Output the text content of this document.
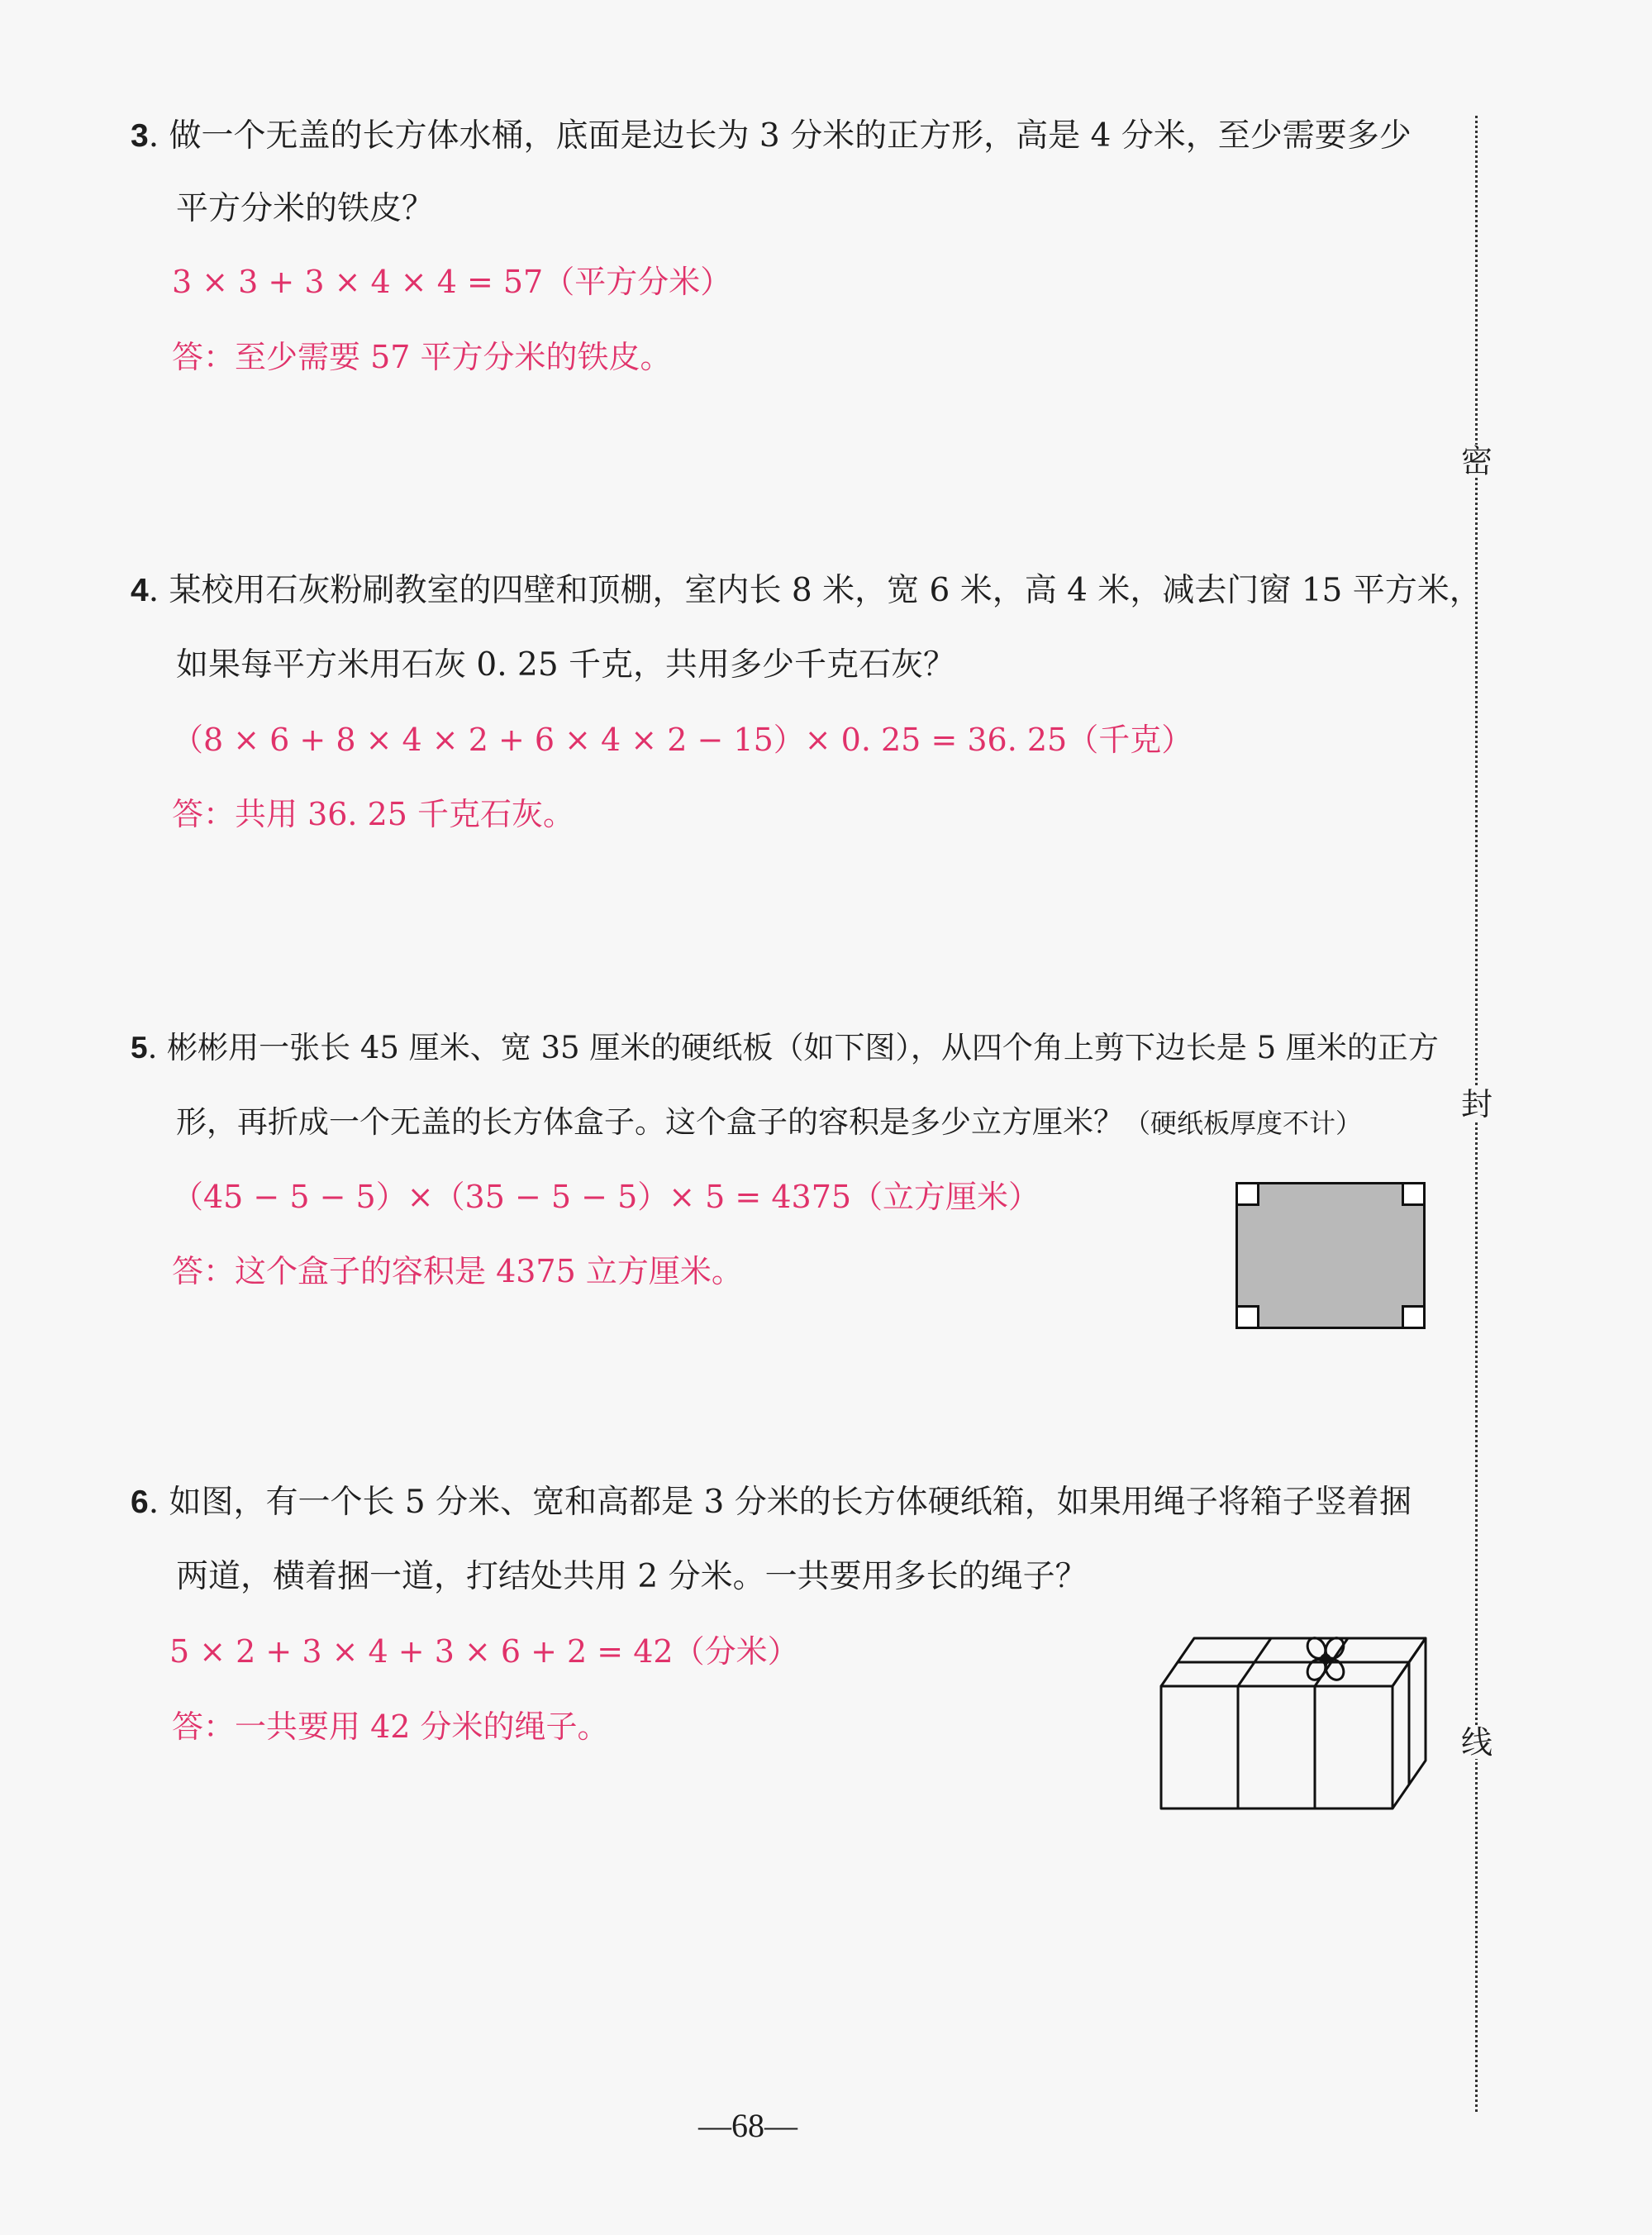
3. 做一个无盖的长方体水桶，底面是边长为 3 分米的正方形，高是 4 分米，至少需要多少
平方分米的铁皮？
3 × 3 + 3 × 4 × 4 = 57（平方分米）
答：至少需要 57 平方分米的铁皮。
4. 某校用石灰粉刷教室的四壁和顶棚，室内长 8 米，宽 6 米，高 4 米，减去门窗 15 平方米，
如果每平方米用石灰 0. 25 千克，共用多少千克石灰？
（8 × 6 + 8 × 4 × 2 + 6 × 4 × 2 − 15）× 0. 25 = 36. 25（千克）
答：共用 36. 25 千克石灰。
5. 彬彬用一张长 45 厘米、宽 35 厘米的硬纸板（如下图），从四个角上剪下边长是 5 厘米的正方
形，再折成一个无盖的长方体盒子。这个盒子的容积是多少立方厘米？（硬纸板厚度不计）
（45 − 5 − 5）×（35 − 5 − 5）× 5 = 4375（立方厘米）
答：这个盒子的容积是 4375 立方厘米。
6. 如图，有一个长 5 分米、宽和高都是 3 分米的长方体硬纸箱，如果用绳子将箱子竖着捆
两道，横着捆一道，打结处共用 2 分米。一共要用多长的绳子？
5 × 2 + 3 × 4 + 3 × 6 + 2 = 42（分米）
答：一共要用 42 分米的绳子。
密
封
线
—68—
